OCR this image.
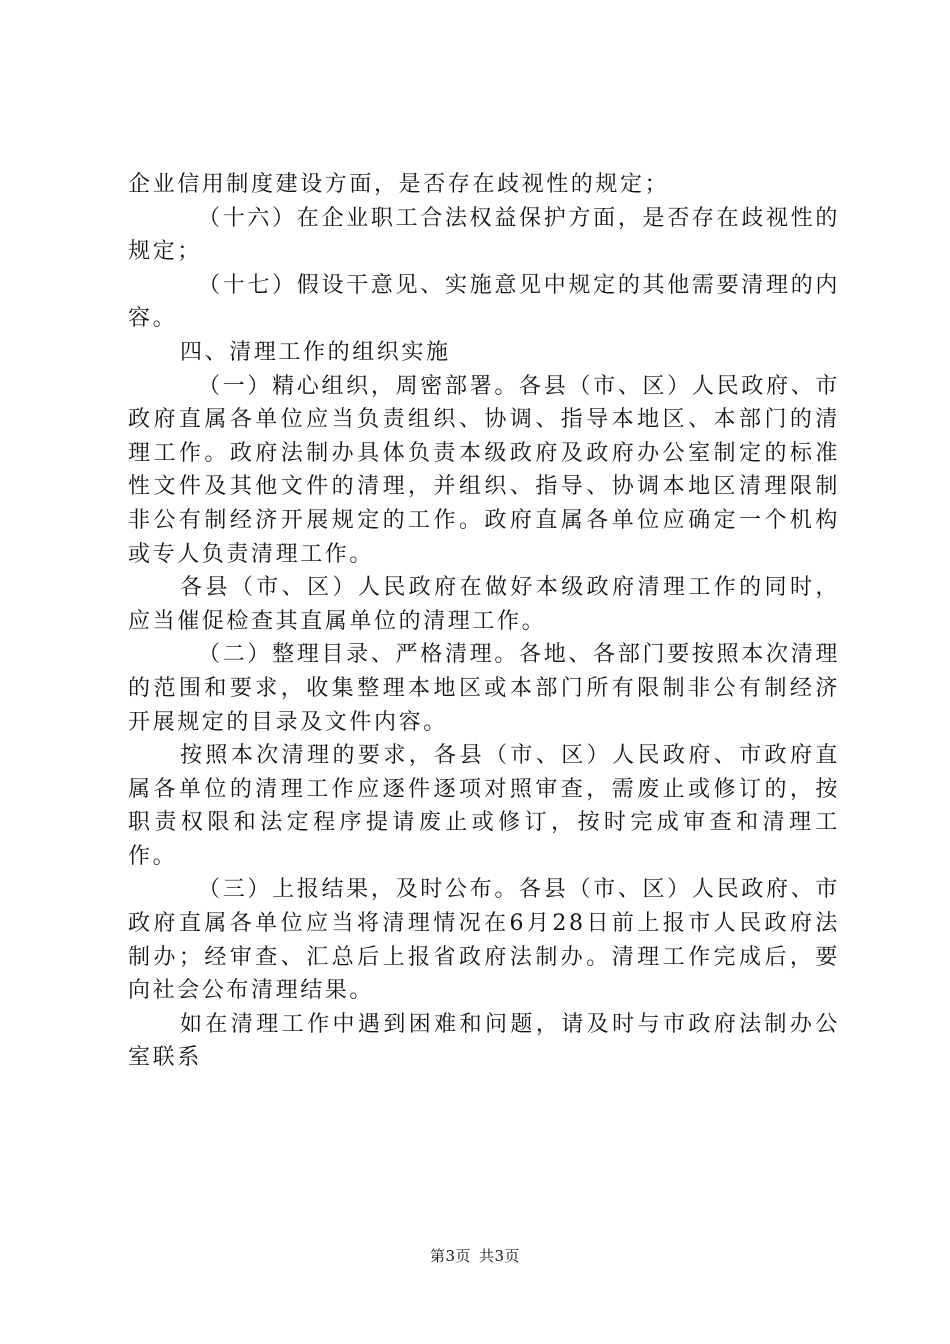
企业信用制度建设方面，是否存在歧视性的规定；

（十六）在企业职工合法权益保护方面，是否存在歧视性的规定；

（十七）假设干意见、实施意见中规定的其他需要清理的内容。

四、清理工作的组织实施

（一）精心组织，周密部署。各县（市、区）人民政府、市政府直属各单位应当负责组织、协调、指导本地区、本部门的清理工作。政府法制办具体负责本级政府及政府办公室制定的标准性文件及其他文件的清理，并组织、指导、协调本地区清理限制非公有制经济开展规定的工作。政府直属各单位应确定一个机构或专人负责清理工作。

各县（市、区）人民政府在做好本级政府清理工作的同时，应当催促检查其直属单位的清理工作。

（二）整理目录、严格清理。各地、各部门要按照本次清理的范围和要求，收集整理本地区或本部门所有限制非公有制经济开展规定的目录及文件内容。

按照本次清理的要求，各县（市、区）人民政府、市政府直属各单位的清理工作应逐件逐项对照审查，需废止或修订的，按职责权限和法定程序提请废止或修订，按时完成审查和清理工作。

（三）上报结果，及时公布。各县（市、区）人民政府、市政府直属各单位应当将清理情况在6月28日前上报市人民政府法制办；经审查、汇总后上报省政府法制办。清理工作完成后，要向社会公布清理结果。

如在清理工作中遇到困难和问题，请及时与市政府法制办公室联系

第3页 共3页
